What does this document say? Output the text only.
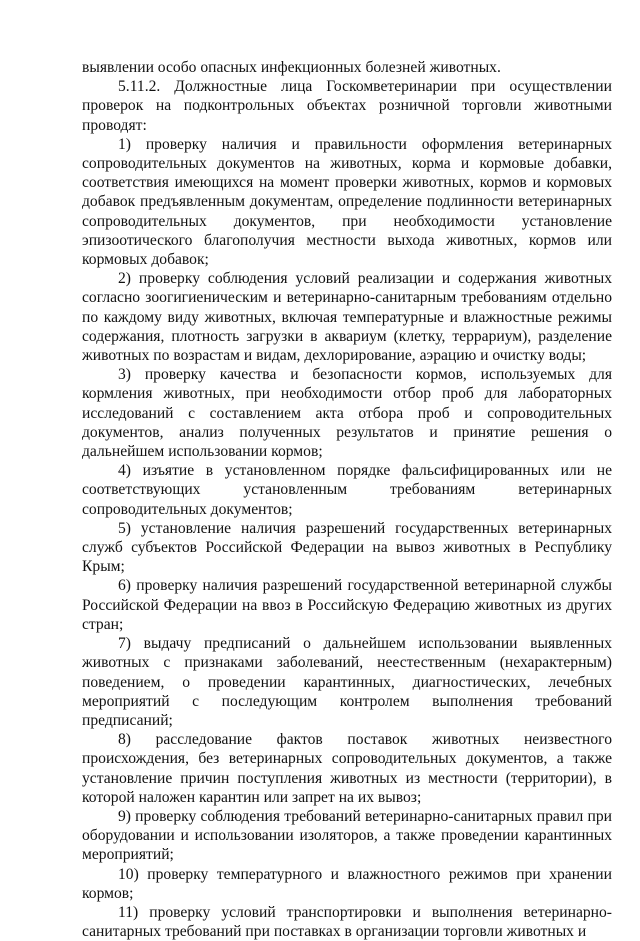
выявлении особо опасных инфекционных болезней животных.

5.11.2. Должностные лица Госкомветеринарии при осуществлении проверок на подконтрольных объектах розничной торговли животными проводят:

1) проверку наличия и правильности оформления ветеринарных сопроводительных документов на животных, корма и кормовые добавки, соответствия имеющихся на момент проверки животных, кормов и кормовых добавок предъявленным документам, определение подлинности ветеринарных сопроводительных документов, при необходимости установление эпизоотического благополучия местности выхода животных, кормов или кормовых добавок;

2) проверку соблюдения условий реализации и содержания животных согласно зоогигиеническим и ветеринарно-санитарным требованиям отдельно по каждому виду животных, включая температурные и влажностные режимы содержания, плотность загрузки в аквариум (клетку, террариум), разделение животных по возрастам и видам, дехлорирование, аэрацию и очистку воды;

3) проверку качества и безопасности кормов, используемых для кормления животных, при необходимости отбор проб для лабораторных исследований с составлением акта отбора проб и сопроводительных документов, анализ полученных результатов и принятие решения о дальнейшем использовании кормов;

4) изъятие в установленном порядке фальсифицированных или не соответствующих установленным требованиям ветеринарных сопроводительных документов;

5) установление наличия разрешений государственных ветеринарных служб субъектов Российской Федерации на вывоз животных в Республику Крым;

6) проверку наличия разрешений государственной ветеринарной службы Российской Федерации на ввоз в Российскую Федерацию животных из других стран;

7) выдачу предписаний о дальнейшем использовании выявленных животных с признаками заболеваний, неестественным (нехарактерным) поведением, о проведении карантинных, диагностических, лечебных мероприятий с последующим контролем выполнения требований предписаний;

8) расследование фактов поставок животных неизвестного происхождения, без ветеринарных сопроводительных документов, а также установление причин поступления животных из местности (территории), в которой наложен карантин или запрет на их вывоз;

9) проверку соблюдения требований ветеринарно-санитарных правил при оборудовании и использовании изоляторов, а также проведении карантинных мероприятий;

10) проверку температурного и влажностного режимов при хранении кормов;

11) проверку условий транспортировки и выполнения ветеринарно-санитарных требований при поставках в организации торговли животных и
